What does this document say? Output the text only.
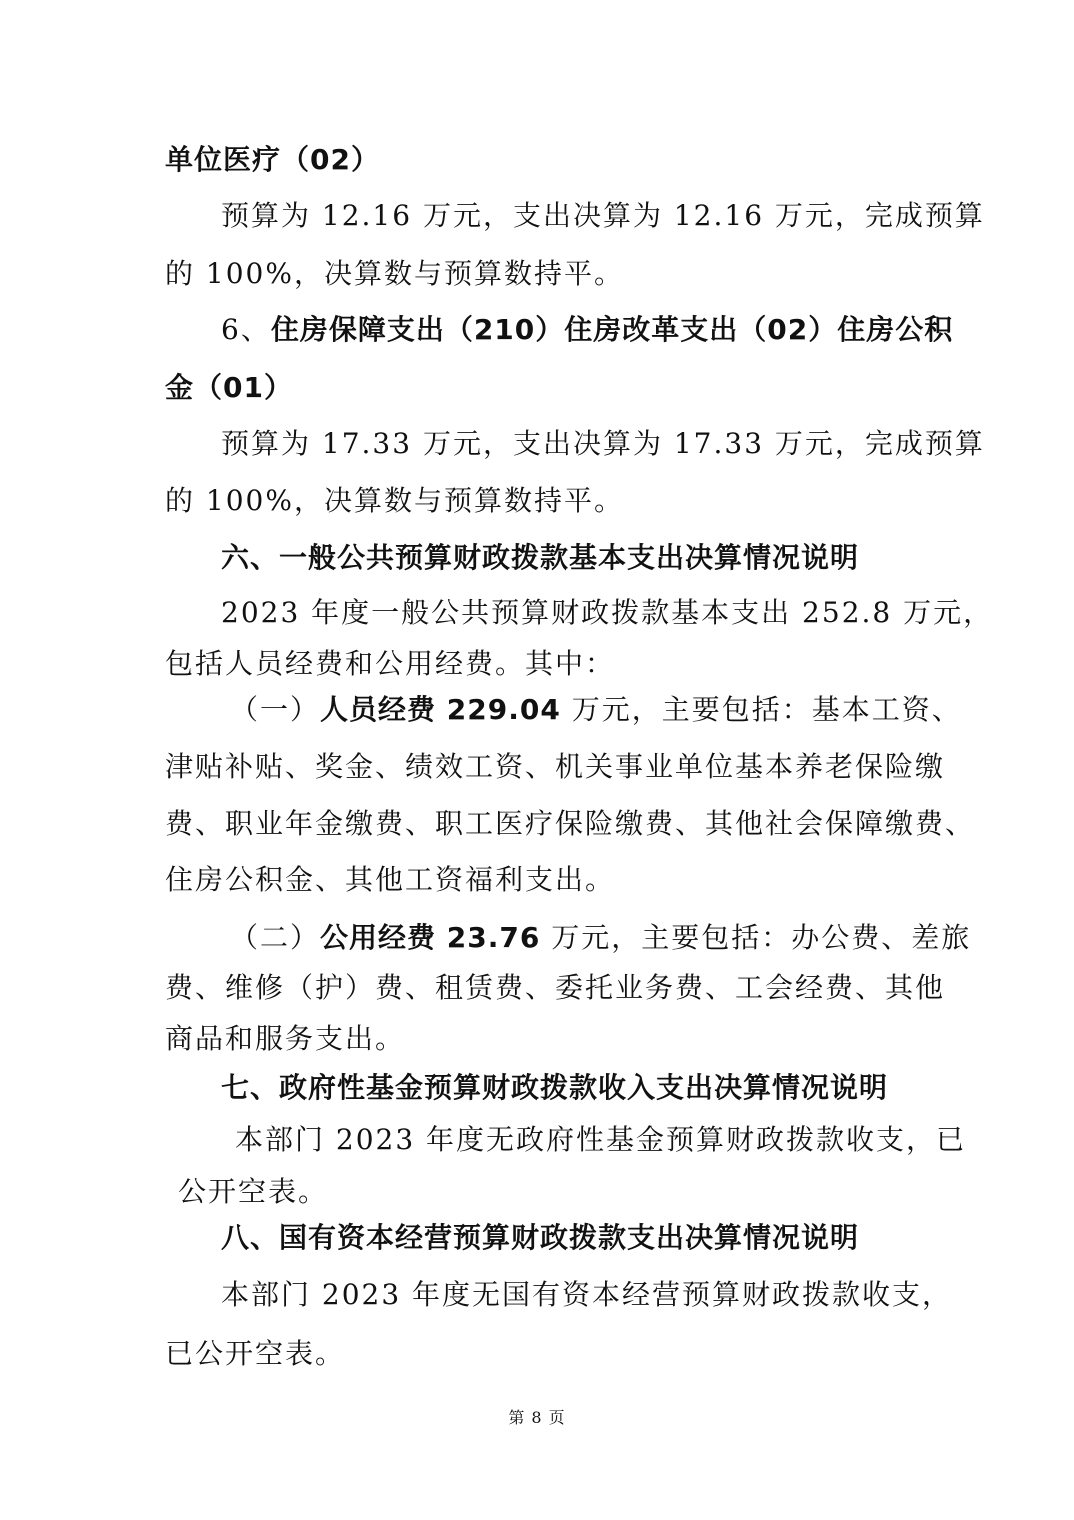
单位医疗（02）
预算为 12.16 万元，支出决算为 12.16 万元，完成预算
的 100%，决算数与预算数持平。
6、住房保障支出（210）住房改革支出（02）住房公积
金（01）
预算为 17.33 万元，支出决算为 17.33 万元，完成预算
的 100%，决算数与预算数持平。
六、一般公共预算财政拨款基本支出决算情况说明
2023 年度一般公共预算财政拨款基本支出 252.8 万元，
包括人员经费和公用经费。其中：
（一）人员经费 229.04 万元，主要包括：基本工资、
津贴补贴、奖金、绩效工资、机关事业单位基本养老保险缴
费、职业年金缴费、职工医疗保险缴费、其他社会保障缴费、
住房公积金、其他工资福利支出。
（二）公用经费 23.76 万元，主要包括：办公费、差旅
费、维修（护）费、租赁费、委托业务费、工会经费、其他
商品和服务支出。
七、政府性基金预算财政拨款收入支出决算情况说明
本部门 2023 年度无政府性基金预算财政拨款收支，已
公开空表。
八、国有资本经营预算财政拨款支出决算情况说明
本部门 2023 年度无国有资本经营预算财政拨款收支，
已公开空表。
第 8 页
